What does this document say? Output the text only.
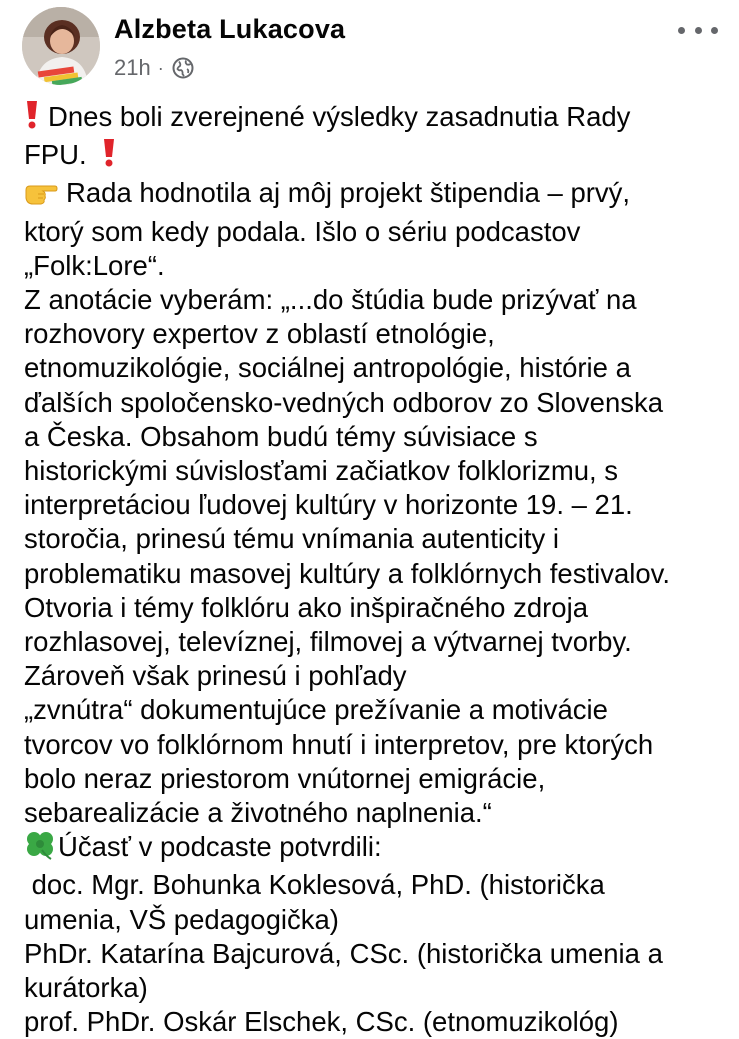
Alzbeta Lukacova
21h ·
Dnes boli zverejnené výsledky zasadnutia Rady
FPU.
Rada hodnotila aj môj projekt štipendia – prvý,
ktorý som kedy podala. Išlo o sériu podcastov
„Folk:Lore“.
Z anotácie vyberám: „...do štúdia bude prizývať na
rozhovory expertov z oblastí etnológie,
etnomuzikológie, sociálnej antropológie, histórie a
ďalších spoločensko-vedných odborov zo Slovenska
a Česka. Obsahom budú témy súvisiace s
historickými súvislosťami začiatkov folklorizmu, s
interpretáciou ľudovej kultúry v horizonte 19. – 21.
storočia, prinesú tému vnímania autenticity i
problematiku masovej kultúry a folklórnych festivalov.
Otvoria i témy folklóru ako inšpiračného zdroja
rozhlasovej, televíznej, filmovej a výtvarnej tvorby.
Zároveň však prinesú i pohľady
„zvnútra“ dokumentujúce prežívanie a motivácie
tvorcov vo folklórnom hnutí i interpretov, pre ktorých
bolo neraz priestorom vnútornej emigrácie,
sebarealizácie a životného naplnenia.“
Účasť v podcaste potvrdili:
doc. Mgr. Bohunka Koklesová, PhD. (historička
umenia, VŠ pedagogička)
PhDr. Katarína Bajcurová, CSc. (historička umenia a
kurátorka)
prof. PhDr. Oskár Elschek, CSc. (etnomuzikológ)
